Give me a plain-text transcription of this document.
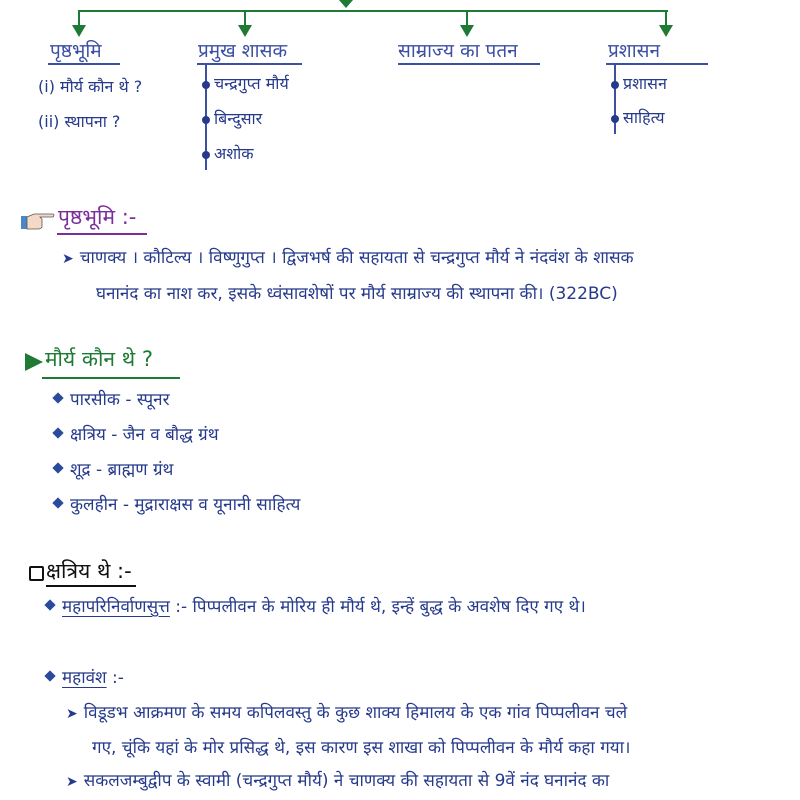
पृष्ठभूमि
(i) मौर्य कौन थे ?
(ii) स्थापना ?
प्रमुख शासक
चन्द्रगुप्त मौर्य
बिन्दुसार
अशोक
साम्राज्य का पतन	प्रशासन
प्रशासन
साहित्य
पृष्ठभूमि :-
➤ चाणक्य । कौटिल्य । विष्णुगुप्त । द्विजभर्ष की सहायता से चन्द्रगुप्त मौर्य ने नंदवंश के शासक
घनानंद का नाश कर, इसके ध्वंसावशेषों पर मौर्य साम्राज्य की स्थापना की। (322BC)
मौर्य कौन थे ?
पारसीक - स्पूनर
क्षत्रिय - जैन व बौद्ध ग्रंथ
शूद्र - ब्राह्मण ग्रंथ
कुलहीन - मुद्राराक्षस व यूनानी साहित्य
क्षत्रिय थे :-
महापरिनिर्वाणसुत्त :- पिप्पलीवन के मोरिय ही मौर्य थे, इन्हें बुद्ध के अवशेष दिए गए थे।
महावंश :-
➤ विडूडभ आक्रमण के समय कपिलवस्तु के कुछ शाक्य हिमालय के एक गांव पिप्पलीवन चले
गए, चूंकि यहां के मोर प्रसिद्ध थे, इस कारण इस शाखा को पिप्पलीवन के मौर्य कहा गया।
➤ सकलजम्बुद्वीप के स्वामी (चन्द्रगुप्त मौर्य) ने चाणक्य की सहायता से 9वें नंद घनानंद का
